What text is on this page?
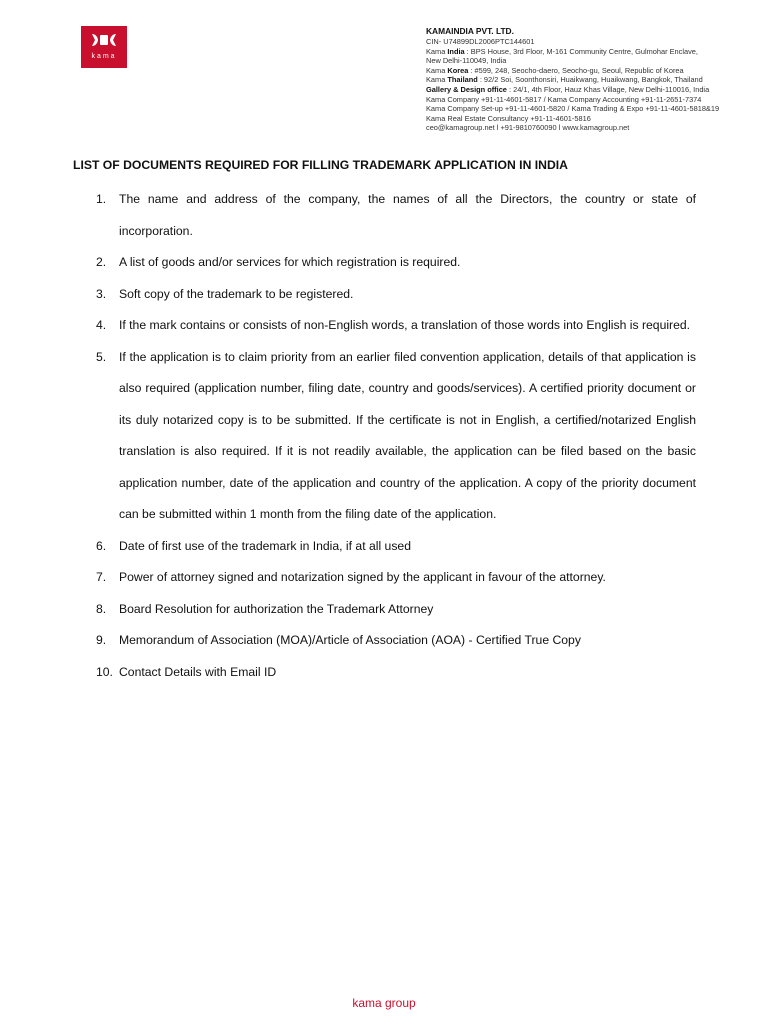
kama
KAMAINDIA PVT. LTD.
CIN- U74899DL2006PTC144601
Kama India : BPS House, 3rd Floor, M-161 Community Centre, Gulmohar Enclave,
New Delhi-110049, India
Kama Korea : #599, 248, Seocho-daero, Seocho-gu, Seoul, Republic of Korea
Kama Thailand : 92/2 Soi, Soonthonsiri, Huaikwang, Huaikwang, Bangkok, Thailand
Gallery & Design office : 24/1, 4th Floor, Hauz Khas Village, New Delhi-110016, India
Kama Company +91-11-4601-5817 / Kama Company Accounting +91-11-2651-7374
Kama Company Set-up +91-11-4601-5820 / Kama Trading & Expo +91-11-4601-5818&19
Kama Real Estate Consultancy +91-11-4601-5816
ceo@kamagroup.net l +91-9810760090 l www.kamagroup.net
LIST OF DOCUMENTS REQUIRED FOR FILLING TRADEMARK APPLICATION IN INDIA
1. The name and address of the company, the names of all the Directors, the country or state of incorporation.
2. A list of goods and/or services for which registration is required.
3. Soft copy of the trademark to be registered.
4. If the mark contains or consists of non-English words, a translation of those words into English is required.
5. If the application is to claim priority from an earlier filed convention application, details of that application is also required (application number, filing date, country and goods/services). A certified priority document or its duly notarized copy is to be submitted. If the certificate is not in English, a certified/notarized English translation is also required. If it is not readily available, the application can be filed based on the basic application number, date of the application and country of the application. A copy of the priority document can be submitted within 1 month from the filing date of the application.
6. Date of first use of the trademark in India, if at all used
7. Power of attorney signed and notarization signed by the applicant in favour of the attorney.
8. Board Resolution for authorization the Trademark Attorney
9. Memorandum of Association (MOA)/Article of Association (AOA) - Certified True Copy
10. Contact Details with Email ID
kama group
